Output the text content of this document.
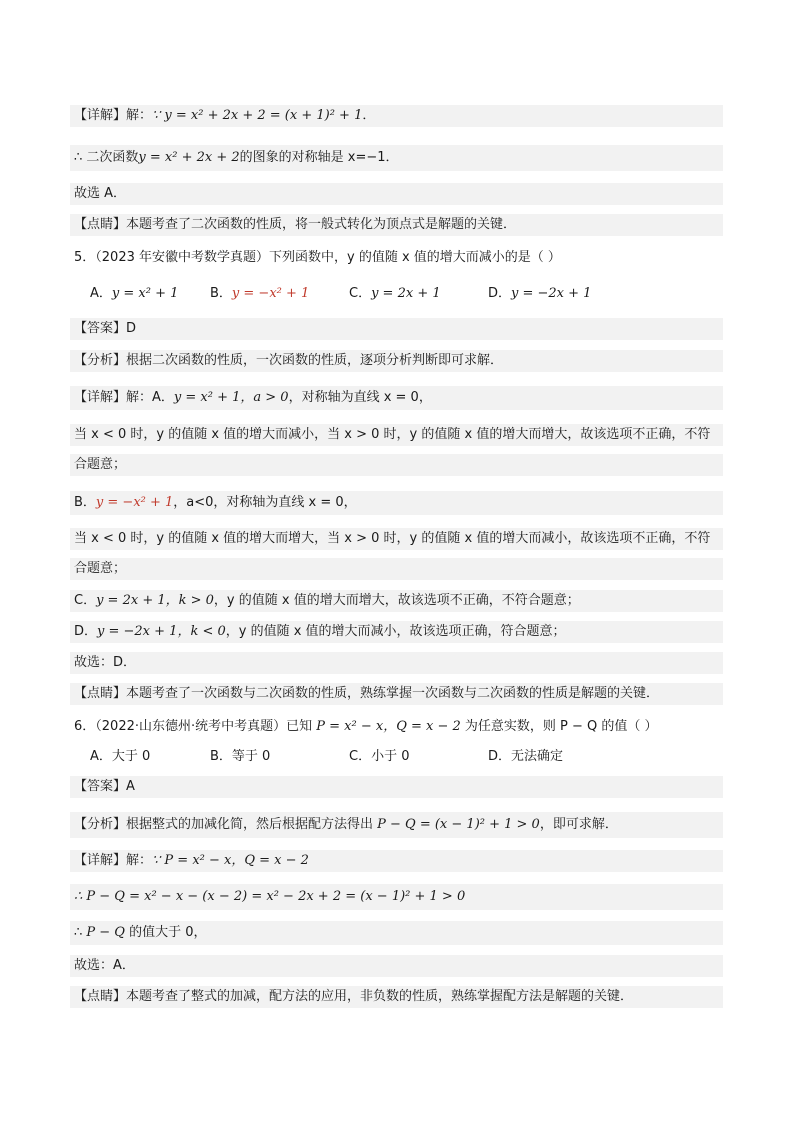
【详解】解：∵ y = x² + 2x + 2 = (x + 1)² + 1．
∴ 二次函数y = x² + 2x + 2的图象的对称轴是 x=−1．
故选 A．
【点睛】本题考查了二次函数的性质，将一般式转化为顶点式是解题的关键．
5．（2023 年安徽中考数学真题）下列函数中，y 的值随 x 值的增大而减小的是（ ）
【答案】D
【分析】根据二次函数的性质，一次函数的性质，逐项分析判断即可求解．
【详解】解：A．y = x² + 1，a > 0，对称轴为直线 x = 0，
当 x < 0 时，y 的值随 x 值的增大而减小，当 x > 0 时，y 的值随 x 值的增大而增大，故该选项不正确，不符
合题意；
B．y = −x² + 1，a<0，对称轴为直线 x = 0，
当 x < 0 时，y 的值随 x 值的增大而增大，当 x > 0 时，y 的值随 x 值的增大而减小，故该选项不正确，不符
合题意；
C．y = 2x + 1，k > 0，y 的值随 x 值的增大而增大，故该选项不正确，不符合题意；
D．y = −2x + 1，k < 0，y 的值随 x 值的增大而减小，故该选项正确，符合题意；
故选：D．
【点睛】本题考查了一次函数与二次函数的性质，熟练掌握一次函数与二次函数的性质是解题的关键．
6．（2022·山东德州·统考中考真题）已知 P = x² − x，Q = x − 2 为任意实数，则 P − Q 的值（ ）
【答案】A
【分析】根据整式的加减化简，然后根据配方法得出 P − Q = (x − 1)² + 1 > 0，即可求解．
【详解】解：∵ P = x² − x，Q = x − 2
∴ P − Q = x² − x − (x − 2) = x² − 2x + 2 = (x − 1)² + 1 > 0
∴ P − Q 的值大于 0，
故选：A．
【点睛】本题考查了整式的加减，配方法的应用，非负数的性质，熟练掌握配方法是解题的关键．
A．y = x² + 1 B．y = −x² + 1	C．y = 2x + 1	D．y = −2x + 1
A．大于 0	B．等于 0	C．小于 0	D．无法确定
